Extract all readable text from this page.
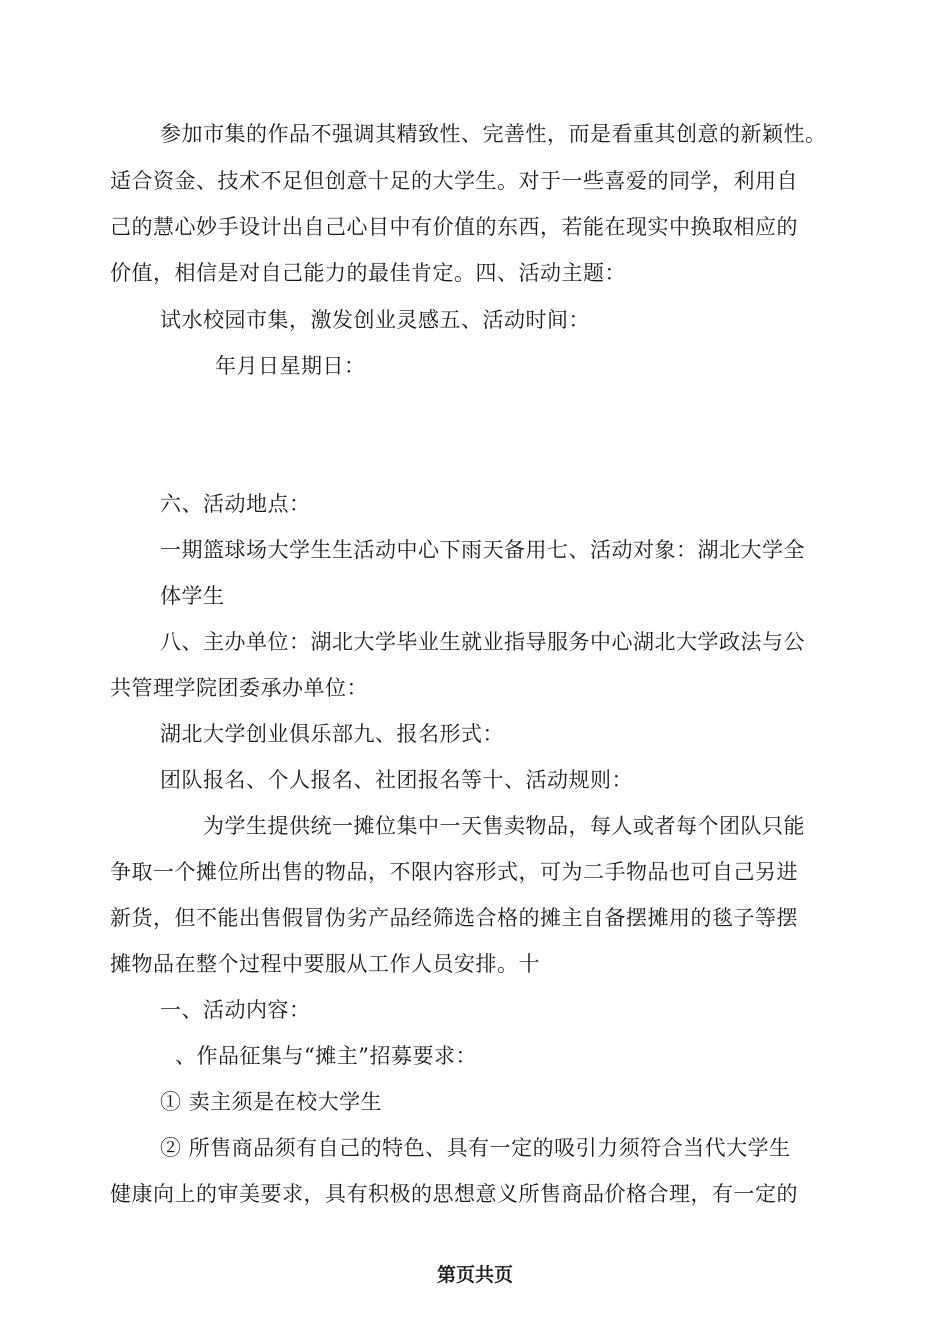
参加市集的作品不强调其精致性、完善性，而是看重其创意的新颖性。
适合资金、技术不足但创意十足的大学生。对于一些喜爱的同学，利用自
己的慧心妙手设计出自己心目中有价值的东西，若能在现实中换取相应的
价值，相信是对自己能力的最佳肯定。四、活动主题：
试水校园市集，激发创业灵感五、活动时间：
年月日星期日：
六、活动地点：
一期篮球场大学生生活动中心下雨天备用七、活动对象：湖北大学全
体学生
八、主办单位：湖北大学毕业生就业指导服务中心湖北大学政法与公
共管理学院团委承办单位：
湖北大学创业俱乐部九、报名形式：
团队报名、个人报名、社团报名等十、活动规则：
为学生提供统一摊位集中一天售卖物品，每人或者每个团队只能
争取一个摊位所出售的物品，不限内容形式，可为二手物品也可自己另进
新货，但不能出售假冒伪劣产品经筛选合格的摊主自备摆摊用的毯子等摆
摊物品在整个过程中要服从工作人员安排。十
一、活动内容：
、作品征集与“摊主”招募要求：
① 卖主须是在校大学生
② 所售商品须有自己的特色、具有一定的吸引力须符合当代大学生
健康向上的审美要求，具有积极的思想意义所售商品价格合理，有一定的
第页共页
